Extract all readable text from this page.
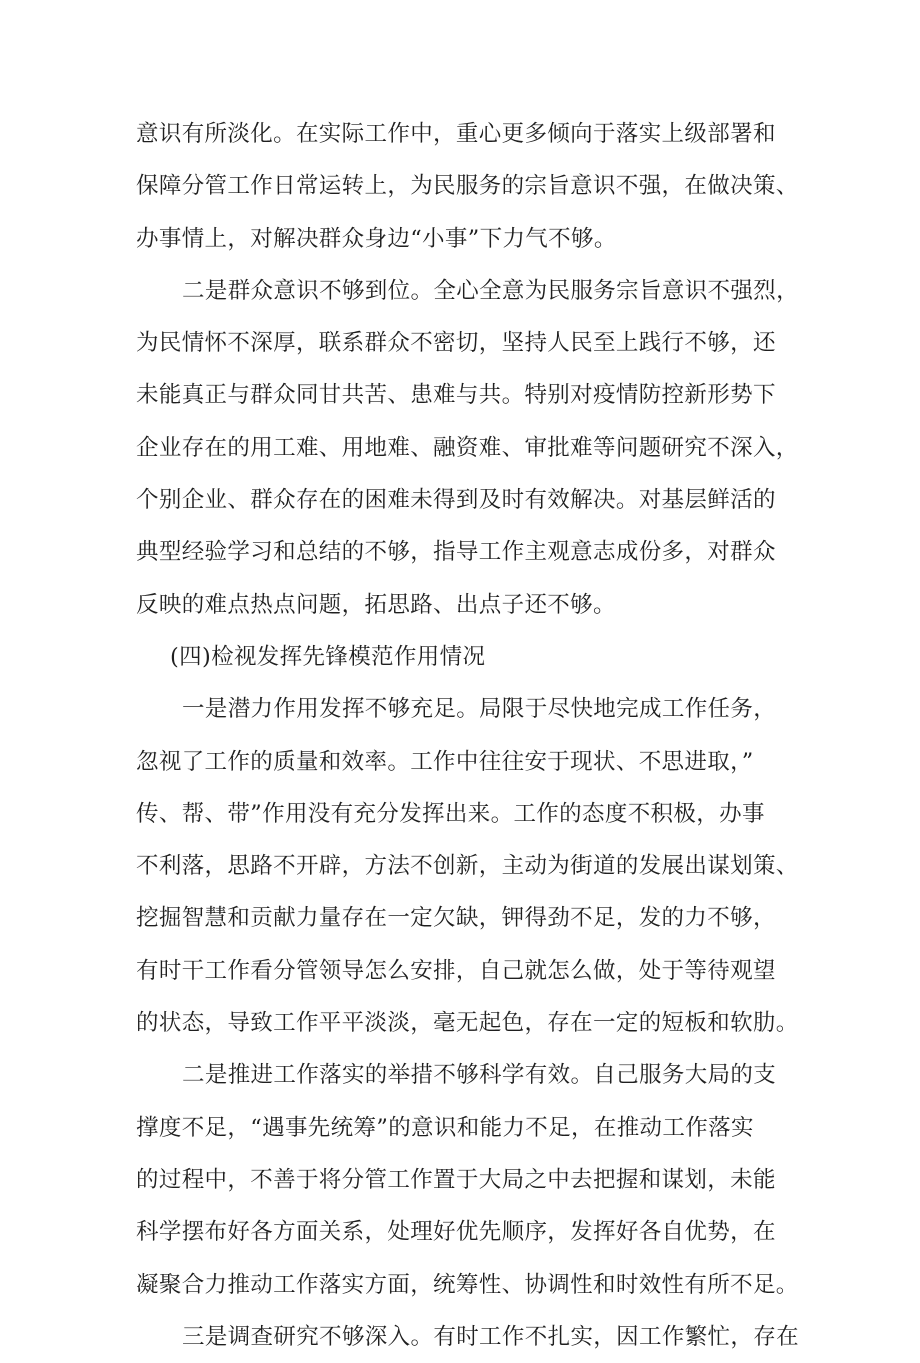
意识有所淡化。在实际工作中，重心更多倾向于落实上级部署和
保障分管工作日常运转上，为民服务的宗旨意识不强，在做决策、
办事情上，对解决群众身边“小事”下力气不够。
二是群众意识不够到位。全心全意为民服务宗旨意识不强烈，
为民情怀不深厚，联系群众不密切，坚持人民至上践行不够，还
未能真正与群众同甘共苦、患难与共。特别对疫情防控新形势下
企业存在的用工难、用地难、融资难、审批难等问题研究不深入，
个别企业、群众存在的困难未得到及时有效解决。对基层鲜活的
典型经验学习和总结的不够，指导工作主观意志成份多，对群众
反映的难点热点问题，拓思路、出点子还不够。
(四)检视发挥先锋模范作用情况
一是潜力作用发挥不够充足。局限于尽快地完成工作任务，
忽视了工作的质量和效率。工作中往往安于现状、不思进取，”
传、帮、带”作用没有充分发挥出来。工作的态度不积极，办事
不利落，思路不开辟，方法不创新，主动为街道的发展出谋划策、
挖掘智慧和贡献力量存在一定欠缺，钾得劲不足，发的力不够，
有时干工作看分管领导怎么安排，自己就怎么做，处于等待观望
的状态，导致工作平平淡淡，毫无起色，存在一定的短板和软肋。
二是推进工作落实的举措不够科学有效。自己服务大局的支
撑度不足，“遇事先统筹”的意识和能力不足，在推动工作落实
的过程中，不善于将分管工作置于大局之中去把握和谋划，未能
科学摆布好各方面关系，处理好优先顺序，发挥好各自优势，在
凝聚合力推动工作落实方面，统筹性、协调性和时效性有所不足。
三是调查研究不够深入。有时工作不扎实，因工作繁忙，存在
